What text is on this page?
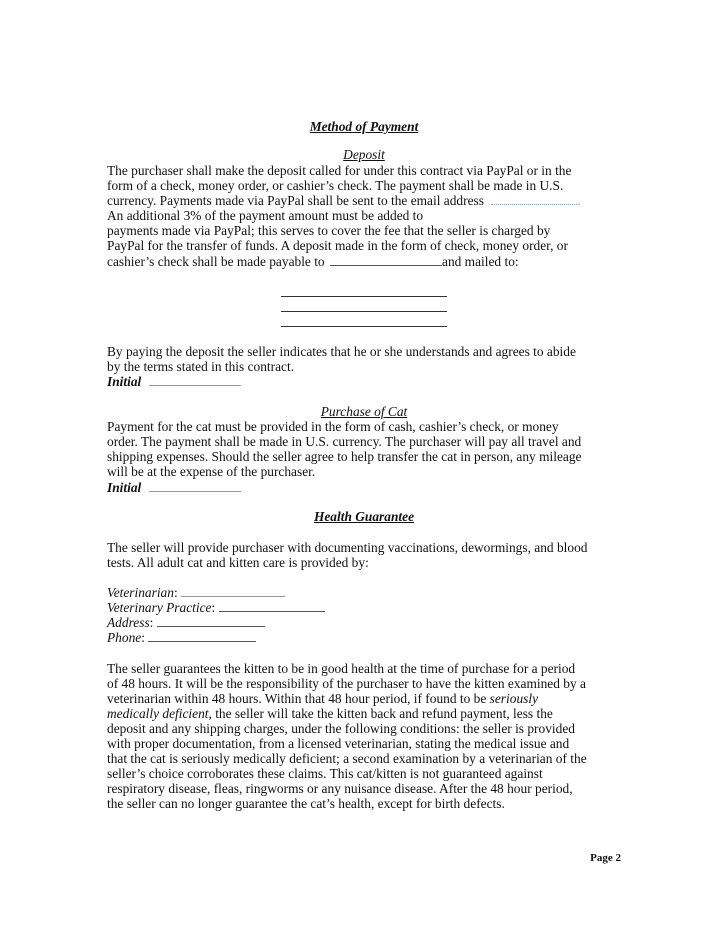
Method of Payment
Deposit
The purchaser shall make the deposit called for under this contract via PayPal or in the
form of a check, money order, or cashier’s check. The payment shall be made in U.S.
currency. Payments made via PayPal shall be sent to the email address	.
An additional 3% of the payment amount must be added to
payments made via PayPal; this serves to cover the fee that the seller is charged by
PayPal for the transfer of funds. A deposit made in the form of check, money order, or
cashier’s check shall be made payable to	and mailed to:
By paying the deposit the seller indicates that he or she understands and agrees to abide
by the terms stated in this contract.
Initial
Purchase of Cat
Payment for the cat must be provided in the form of cash, cashier’s check, or money
order. The payment shall be made in U.S. currency. The purchaser will pay all travel and
shipping expenses. Should the seller agree to help transfer the cat in person, any mileage
will be at the expense of the purchaser.
Initial
Health Guarantee
The seller will provide purchaser with documenting vaccinations, dewormings, and blood
tests. All adult cat and kitten care is provided by:
Veterinarian:
Veterinary Practice:
Address:
Phone:
The seller guarantees the kitten to be in good health at the time of purchase for a period
of 48 hours. It will be the responsibility of the purchaser to have the kitten examined by a
veterinarian within 48 hours. Within that 48 hour period, if found to be seriously
medically deficient, the seller will take the kitten back and refund payment, less the
deposit and any shipping charges, under the following conditions: the seller is provided
with proper documentation, from a licensed veterinarian, stating the medical issue and
that the cat is seriously medically deficient; a second examination by a veterinarian of the
seller’s choice corroborates these claims. This cat/kitten is not guaranteed against
respiratory disease, fleas, ringworms or any nuisance disease. After the 48 hour period,
the seller can no longer guarantee the cat’s health, except for birth defects.
Page 2
